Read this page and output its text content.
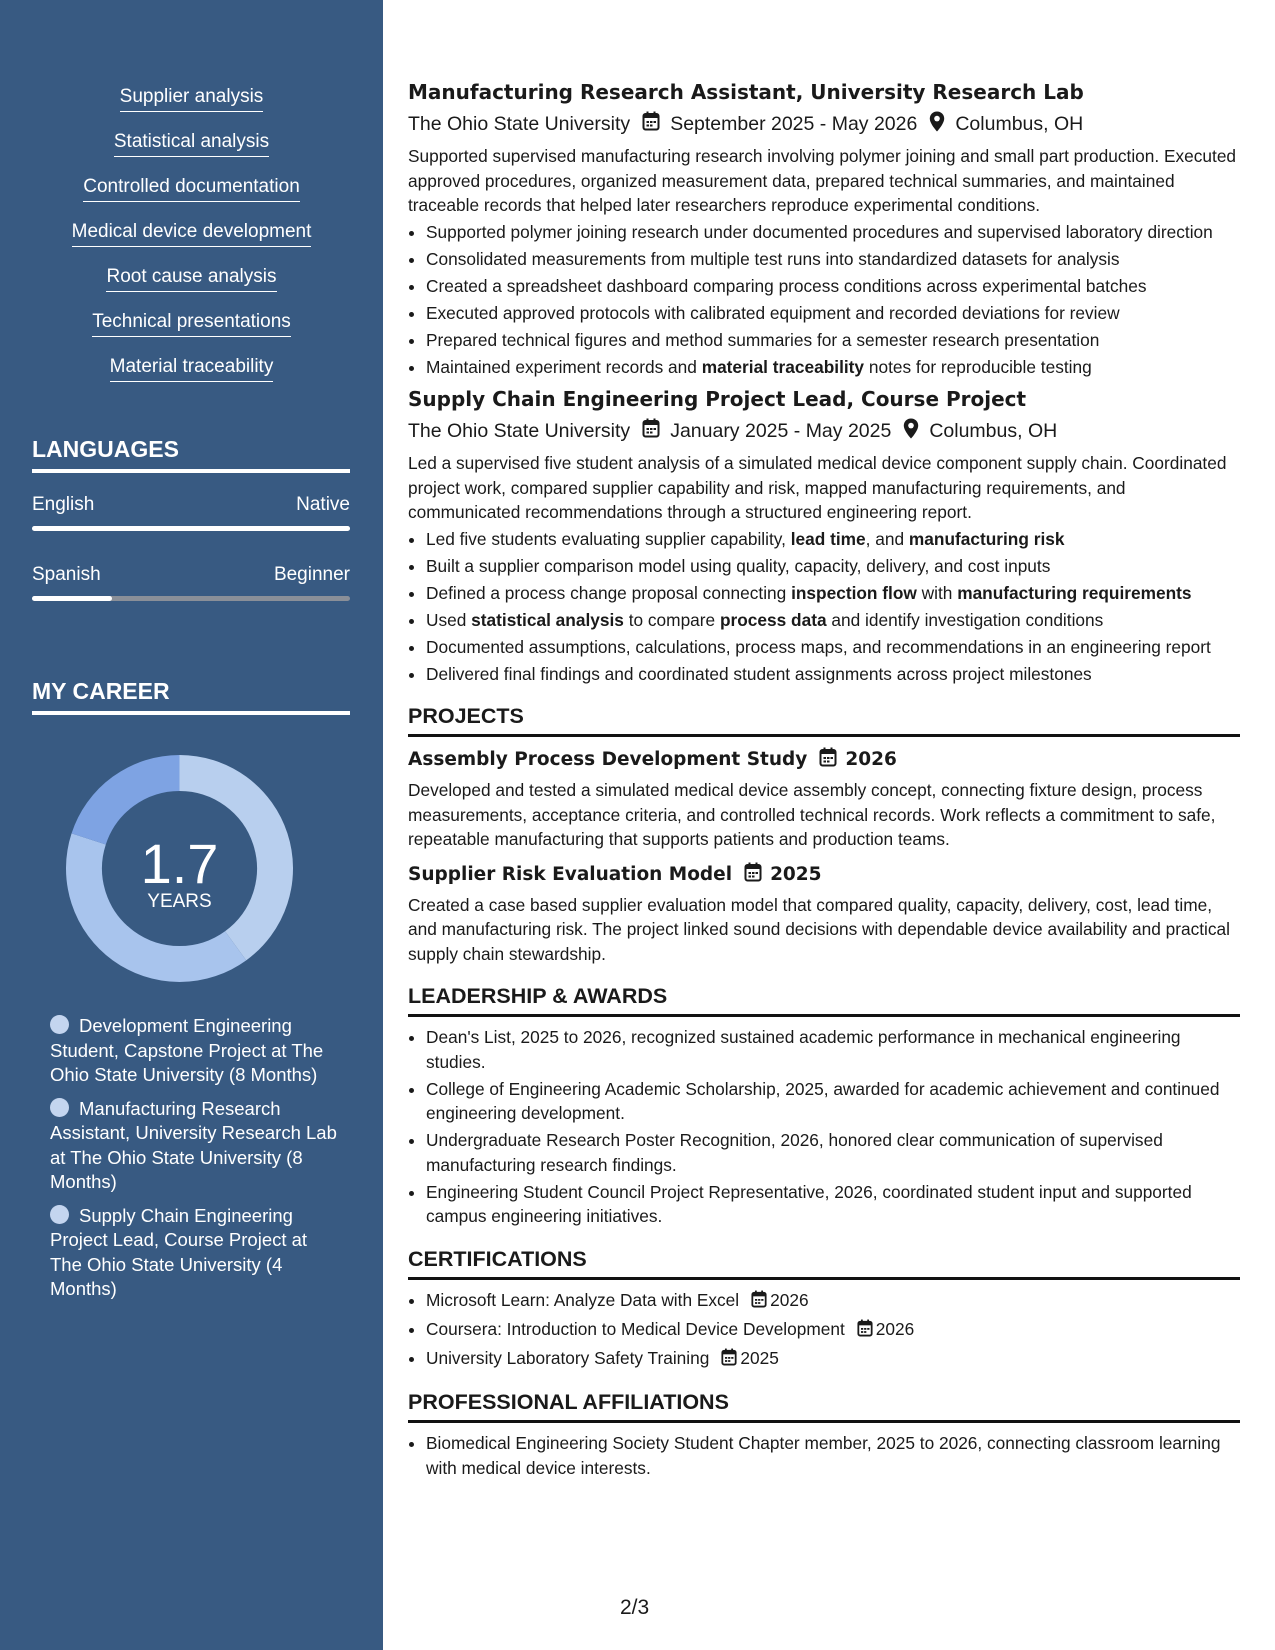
Supplier analysis
Statistical analysis
Controlled documentation
Medical device development
Root cause analysis
Technical presentations
Material traceability
LANGUAGES
English	Native
Spanish	Beginner
MY CAREER
1.7
YEARS
Development Engineering Student, Capstone Project at The Ohio State University (8 Months)
Manufacturing Research Assistant, University Research Lab at The Ohio State University (8 Months)
Supply Chain Engineering Project Lead, Course Project at The Ohio State University (4 Months)
Manufacturing Research Assistant, University Research Lab
The Ohio State University September 2025 - May 2026 Columbus, OH
Supported supervised manufacturing research involving polymer joining and small part production. Executed approved procedures, organized measurement data, prepared technical summaries, and maintained traceable records that helped later researchers reproduce experimental conditions.
• Supported polymer joining research under documented procedures and supervised laboratory direction
• Consolidated measurements from multiple test runs into standardized datasets for analysis
• Created a spreadsheet dashboard comparing process conditions across experimental batches
• Executed approved protocols with calibrated equipment and recorded deviations for review
• Prepared technical figures and method summaries for a semester research presentation
• Maintained experiment records and material traceability notes for reproducible testing
Supply Chain Engineering Project Lead, Course Project
The Ohio State University January 2025 - May 2025 Columbus, OH
Led a supervised five student analysis of a simulated medical device component supply chain. Coordinated project work, compared supplier capability and risk, mapped manufacturing requirements, and communicated recommendations through a structured engineering report.
• Led five students evaluating supplier capability, lead time, and manufacturing risk
• Built a supplier comparison model using quality, capacity, delivery, and cost inputs
• Defined a process change proposal connecting inspection flow with manufacturing requirements
• Used statistical analysis to compare process data and identify investigation conditions
• Documented assumptions, calculations, process maps, and recommendations in an engineering report
• Delivered final findings and coordinated student assignments across project milestones
PROJECTS
Assembly Process Development Study 2026
Developed and tested a simulated medical device assembly concept, connecting fixture design, process measurements, acceptance criteria, and controlled technical records. Work reflects a commitment to safe, repeatable manufacturing that supports patients and production teams.
Supplier Risk Evaluation Model 2025
Created a case based supplier evaluation model that compared quality, capacity, delivery, cost, lead time, and manufacturing risk. The project linked sound decisions with dependable device availability and practical supply chain stewardship.
LEADERSHIP & AWARDS
• Dean's List, 2025 to 2026, recognized sustained academic performance in mechanical engineering studies.
• College of Engineering Academic Scholarship, 2025, awarded for academic achievement and continued engineering development.
• Undergraduate Research Poster Recognition, 2026, honored clear communication of supervised manufacturing research findings.
• Engineering Student Council Project Representative, 2026, coordinated student input and supported campus engineering initiatives.
CERTIFICATIONS
• Microsoft Learn: Analyze Data with Excel 2026
• Coursera: Introduction to Medical Device Development 2026
• University Laboratory Safety Training 2025
PROFESSIONAL AFFILIATIONS
• Biomedical Engineering Society Student Chapter member, 2025 to 2026, connecting classroom learning with medical device interests.
2/3
